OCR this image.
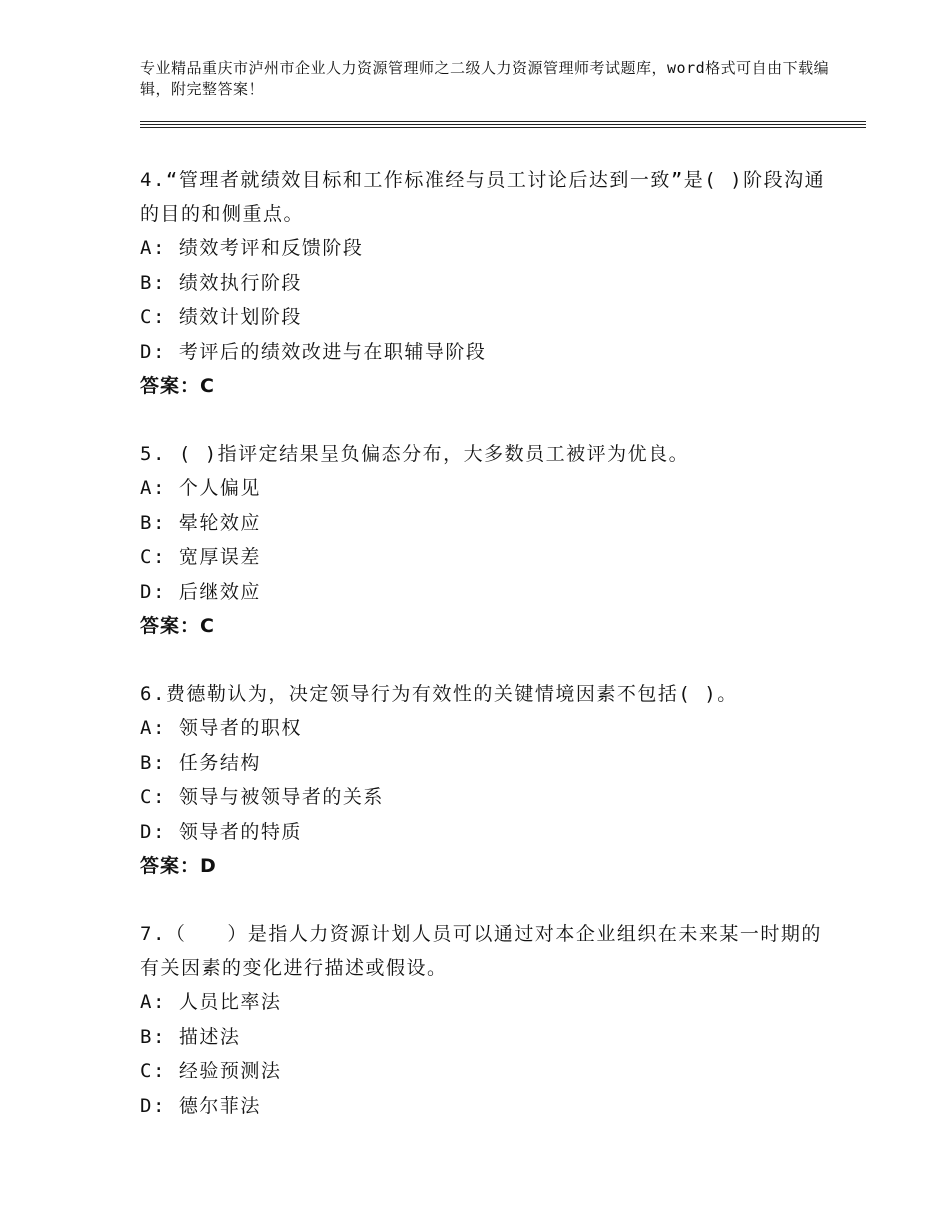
专业精品重庆市泸州市企业人力资源管理师之二级人力资源管理师考试题库，word格式可自由下载编辑，附完整答案！

4.“管理者就绩效目标和工作标准经与员工讨论后达到一致”是( )阶段沟通的目的和侧重点。

A: 绩效考评和反馈阶段

B: 绩效执行阶段

C: 绩效计划阶段

D: 考评后的绩效改进与在职辅导阶段

答案：C

5. ( )指评定结果呈负偏态分布，大多数员工被评为优良。

A: 个人偏见

B: 晕轮效应

C: 宽厚误差

D: 后继效应

答案：C

6.费德勒认为，决定领导行为有效性的关键情境因素不包括( )。

A: 领导者的职权

B: 任务结构

C: 领导与被领导者的关系

D: 领导者的特质

答案：D

7.（　　）是指人力资源计划人员可以通过对本企业组织在未来某一时期的有关因素的变化进行描述或假设。

A: 人员比率法

B: 描述法

C: 经验预测法

D: 德尔菲法
